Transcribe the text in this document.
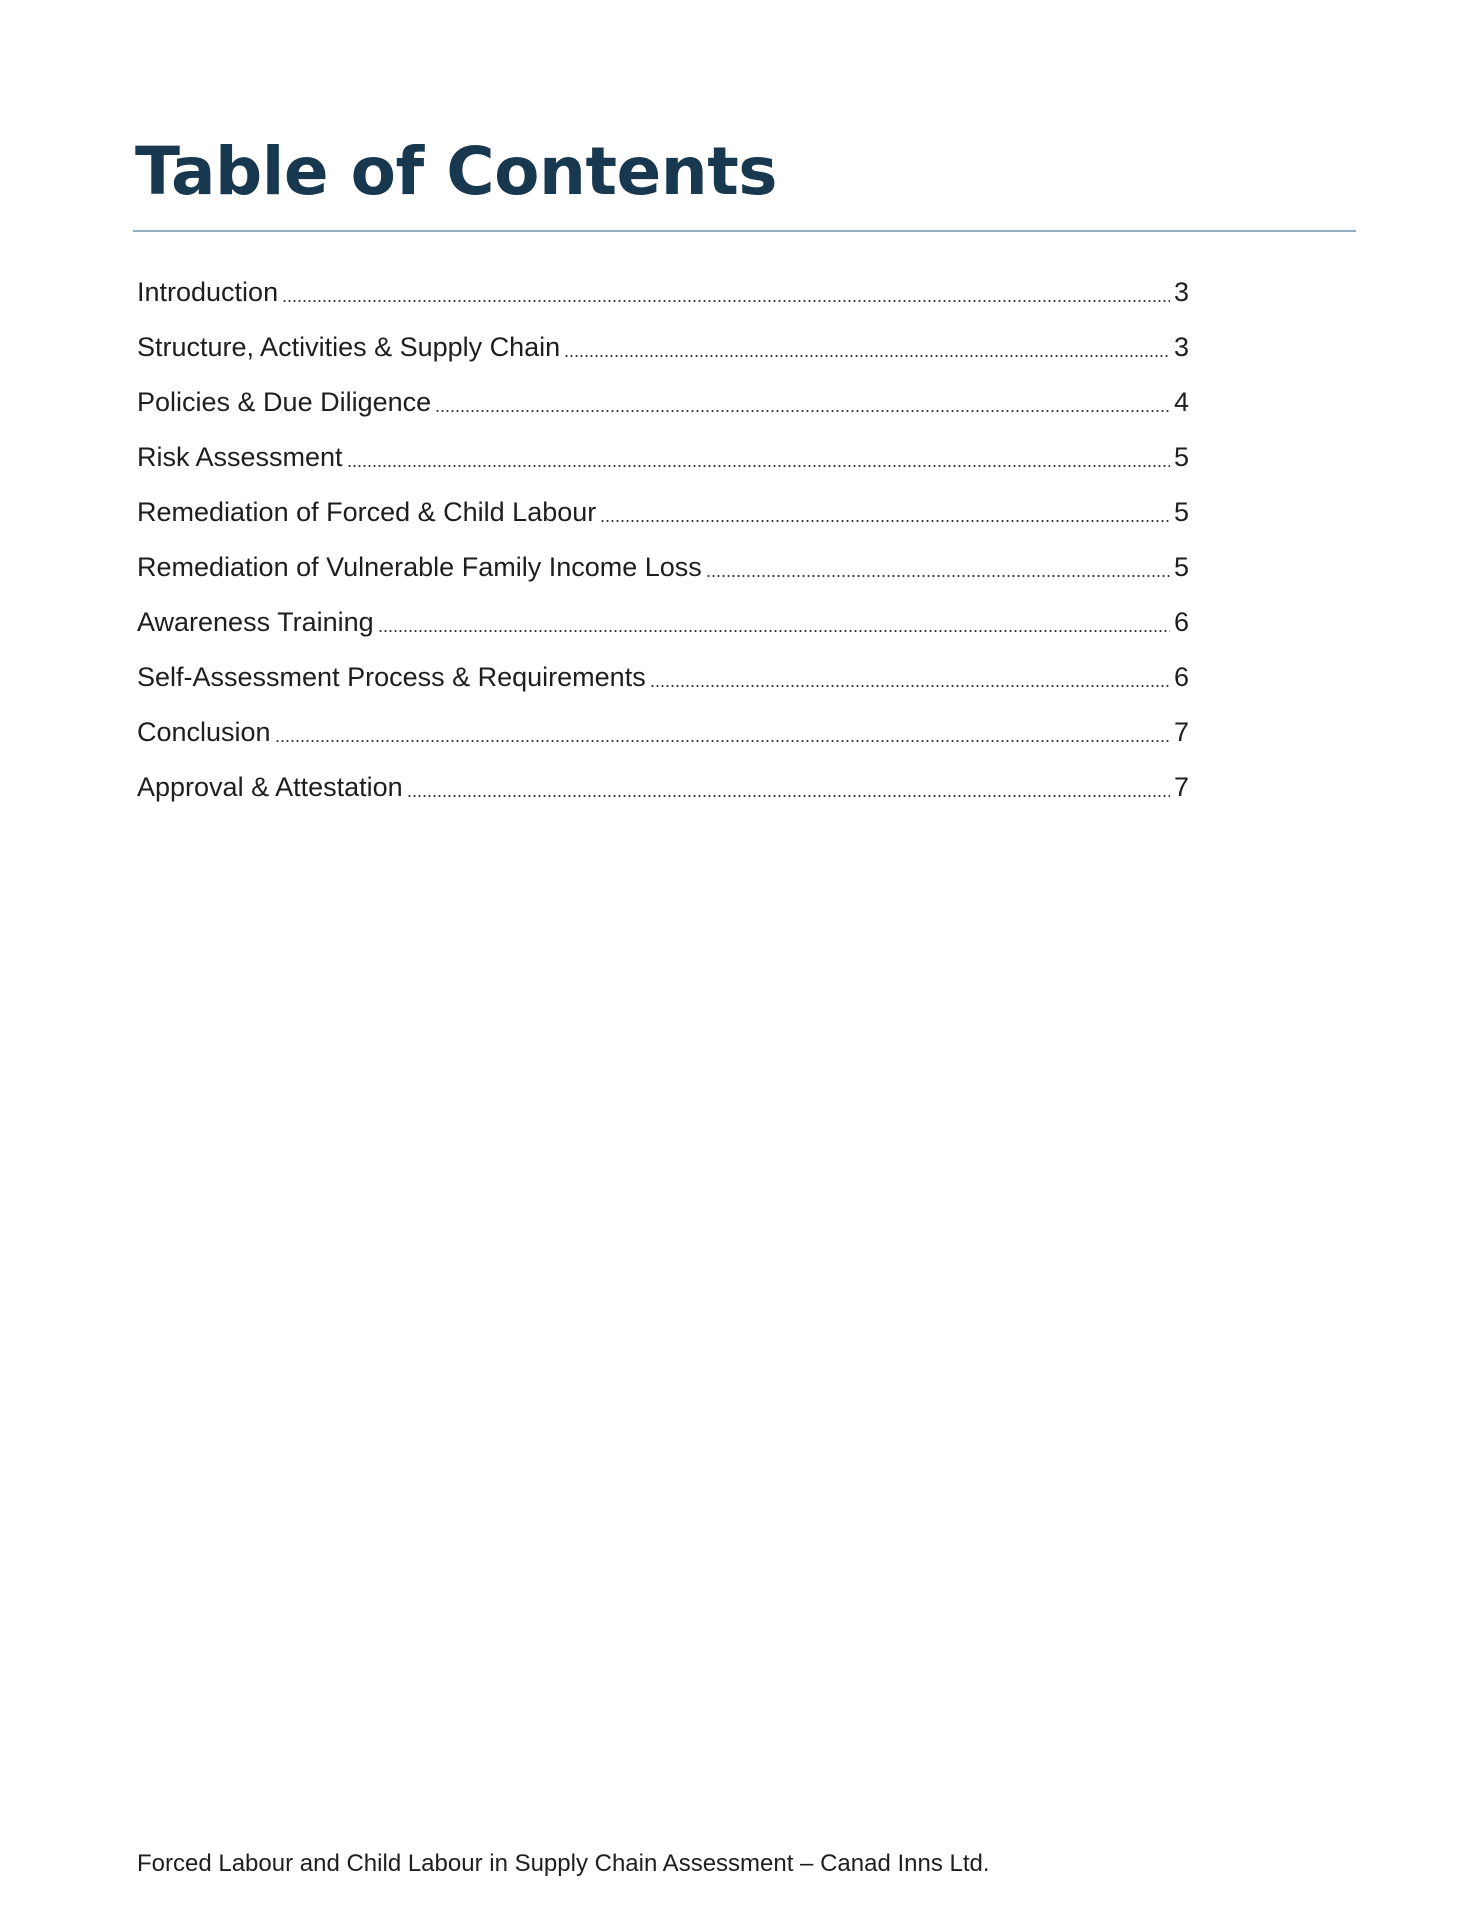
Table of Contents
Introduction	3
Structure, Activities & Supply Chain	3
Policies & Due Diligence	4
Risk Assessment	5
Remediation of Forced & Child Labour	5
Remediation of Vulnerable Family Income Loss	5
Awareness Training	6
Self-Assessment Process & Requirements	6
Conclusion	7
Approval & Attestation	7
Forced Labour and Child Labour in Supply Chain Assessment – Canad Inns Ltd.
